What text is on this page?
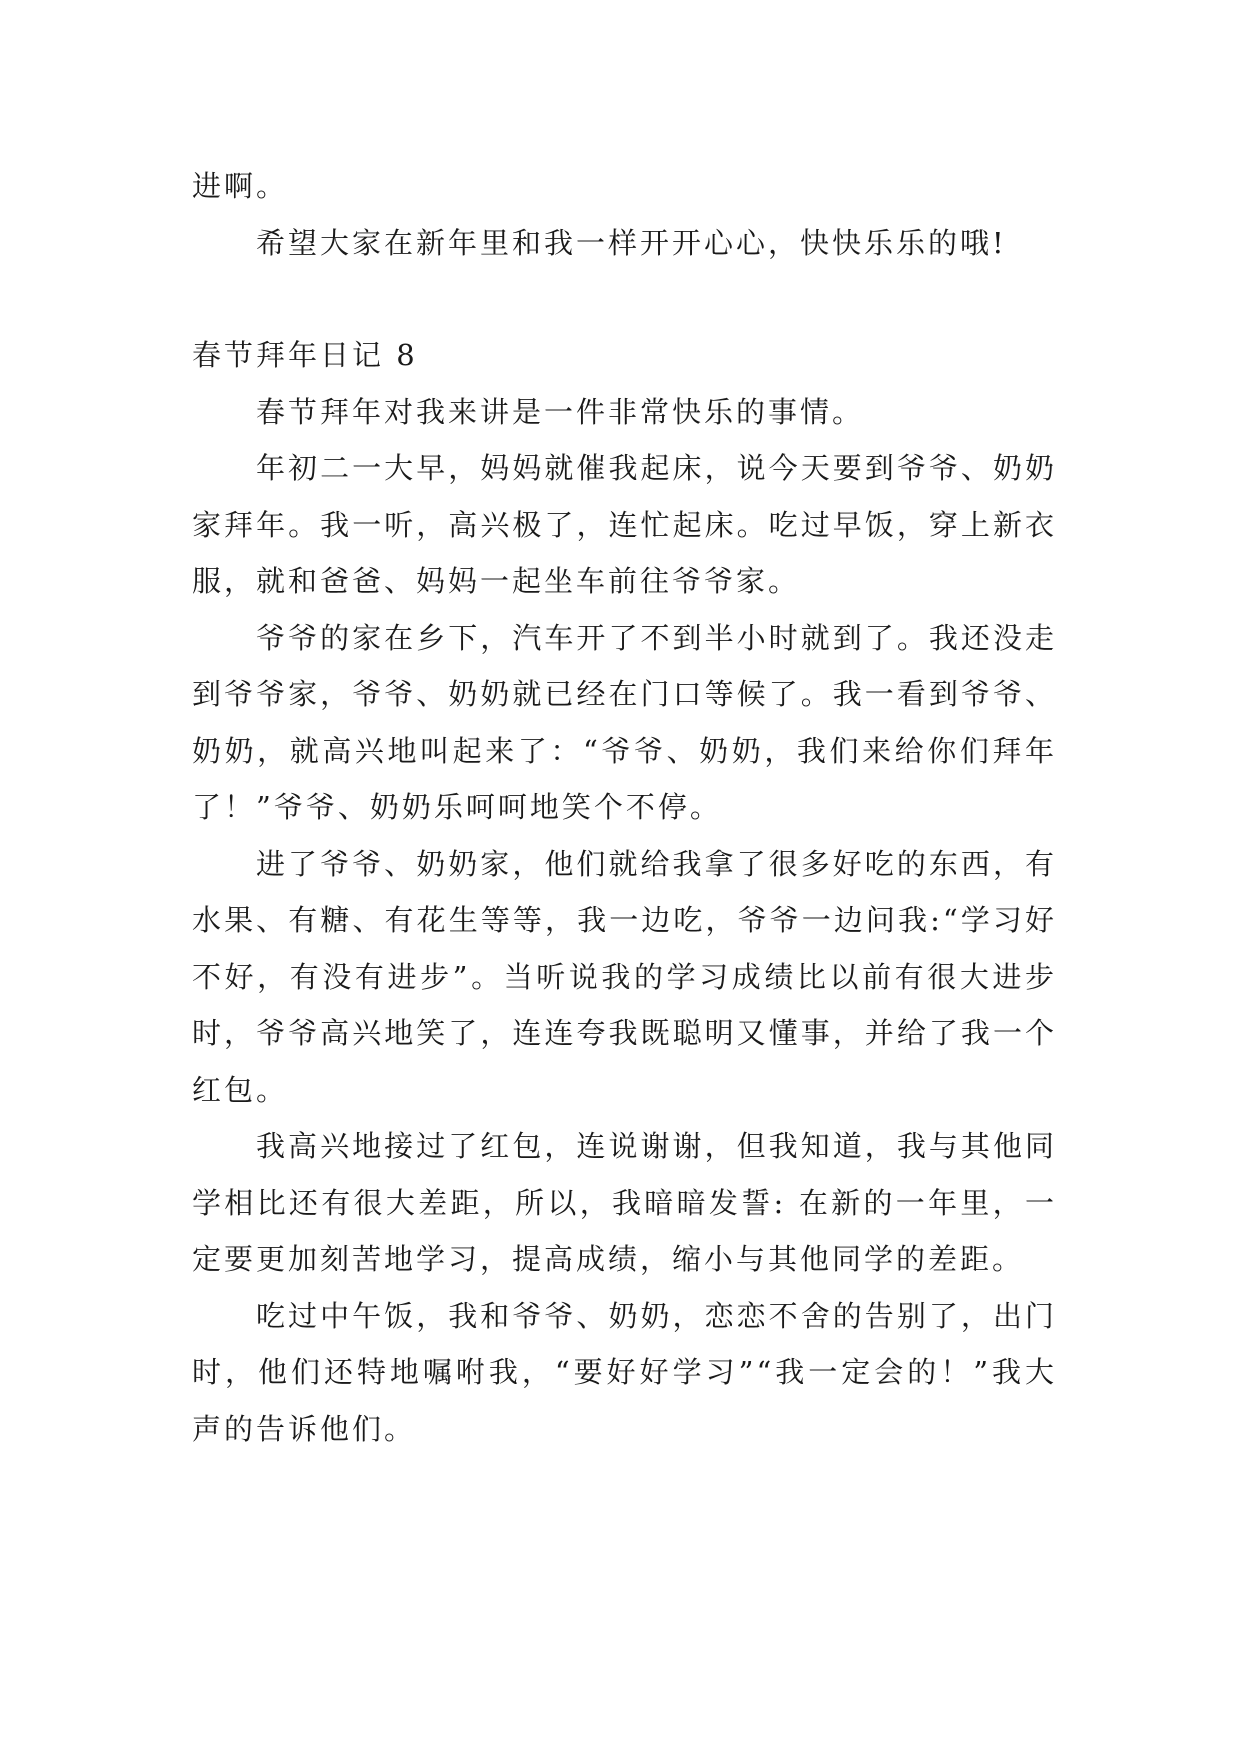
进啊。

希望大家在新年里和我一样开开心心，快快乐乐的哦!

春节拜年日记 8

春节拜年对我来讲是一件非常快乐的事情。

年初二一大早，妈妈就催我起床，说今天要到爷爷、奶奶家拜年。我一听，高兴极了，连忙起床。吃过早饭，穿上新衣服，就和爸爸、妈妈一起坐车前往爷爷家。

爷爷的家在乡下，汽车开了不到半小时就到了。我还没走到爷爷家，爷爷、奶奶就已经在门口等候了。我一看到爷爷、奶奶，就高兴地叫起来了：“爷爷、奶奶，我们来给你们拜年了！”爷爷、奶奶乐呵呵地笑个不停。

进了爷爷、奶奶家，他们就给我拿了很多好吃的东西，有水果、有糖、有花生等等，我一边吃，爷爷一边问我:“学习好不好，有没有进步”。当听说我的学习成绩比以前有很大进步时，爷爷高兴地笑了，连连夸我既聪明又懂事，并给了我一个红包。

我高兴地接过了红包，连说谢谢，但我知道，我与其他同学相比还有很大差距，所以，我暗暗发誓: 在新的一年里，一定要更加刻苦地学习，提高成绩，缩小与其他同学的差距。

吃过中午饭，我和爷爷、奶奶，恋恋不舍的告别了，出门时，他们还特地嘱咐我，“要好好学习”“我一定会的！”我大声的告诉他们。
